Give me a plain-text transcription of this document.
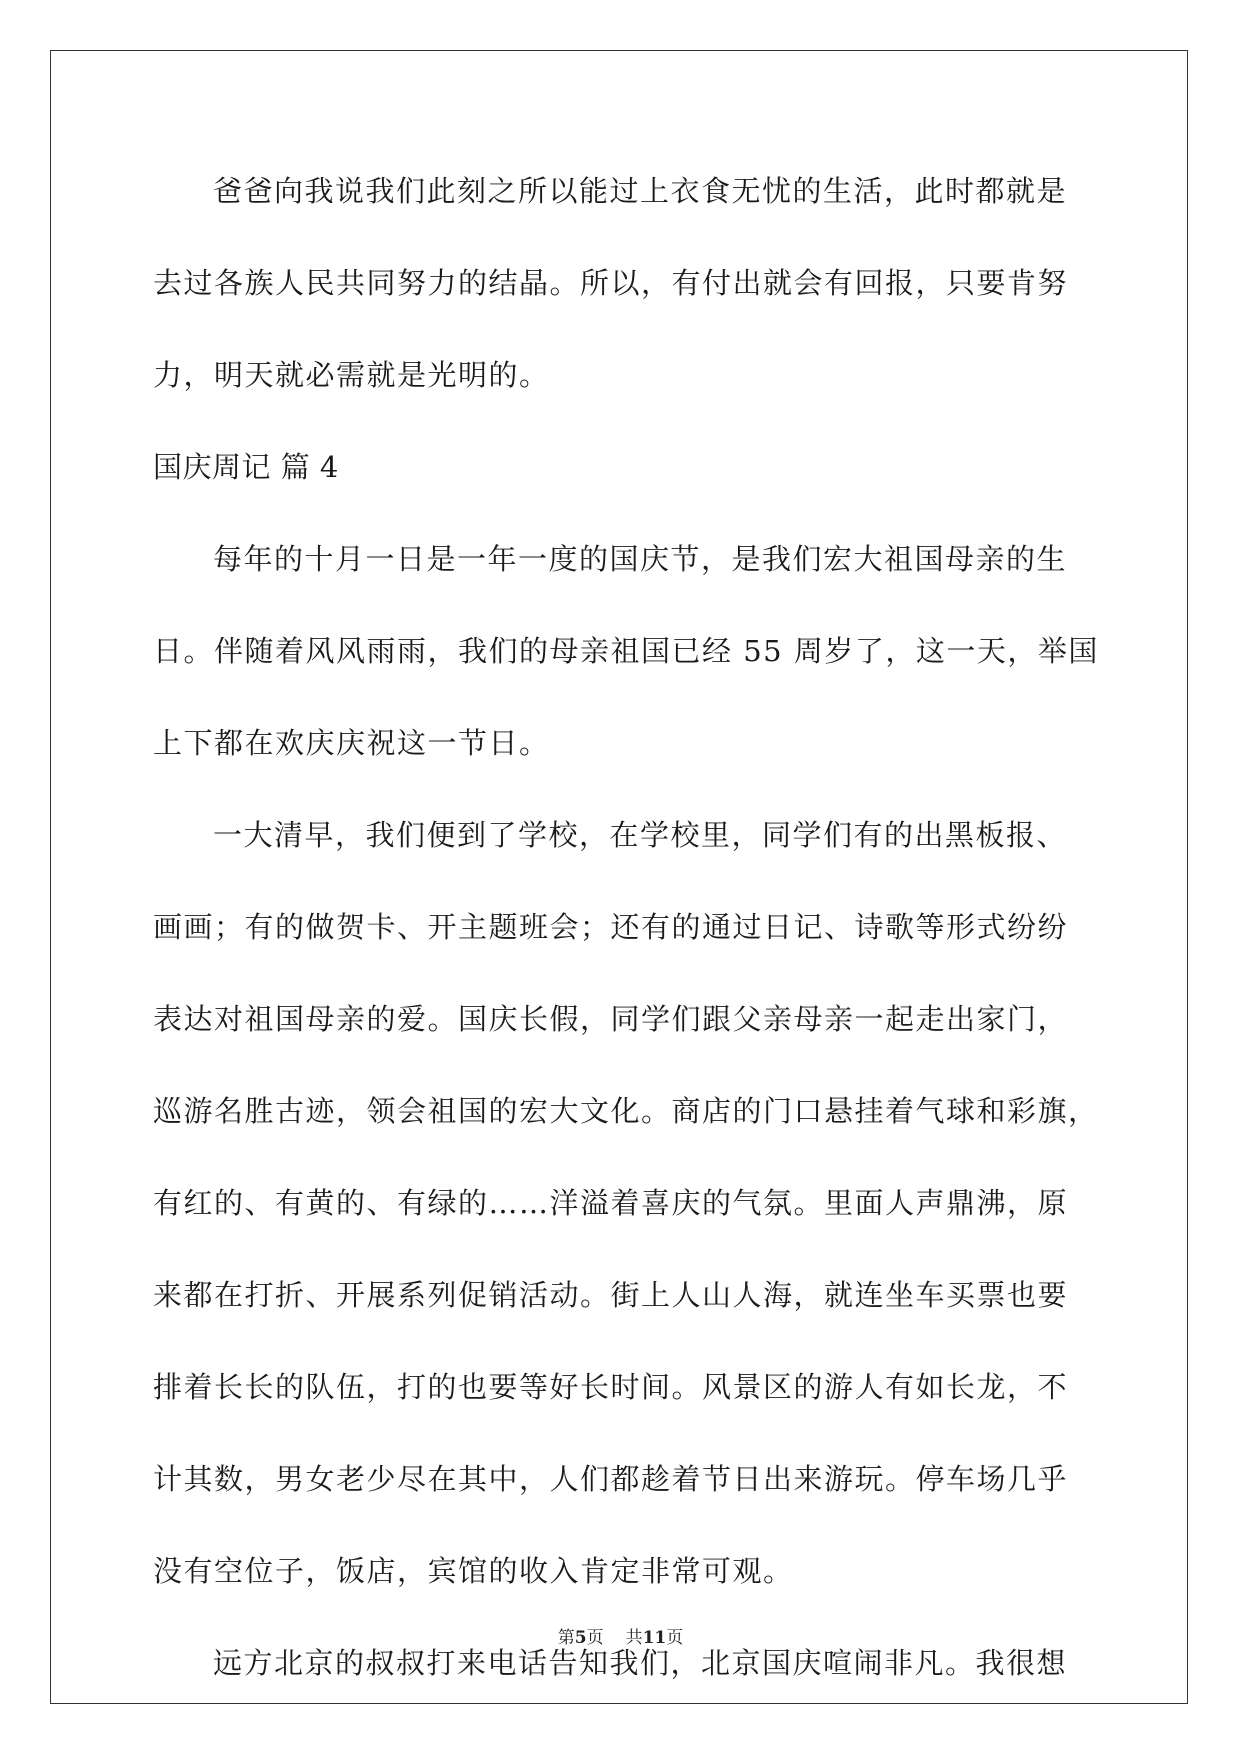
爸爸向我说我们此刻之所以能过上衣食无忧的生活，此时都就是
去过各族人民共同努力的结晶。所以，有付出就会有回报，只要肯努
力，明天就必需就是光明的。
国庆周记 篇 4
每年的十月一日是一年一度的国庆节，是我们宏大祖国母亲的生
日。伴随着风风雨雨，我们的母亲祖国已经 55 周岁了，这一天，举国
上下都在欢庆庆祝这一节日。
一大清早，我们便到了学校，在学校里，同学们有的出黑板报、
画画；有的做贺卡、开主题班会；还有的通过日记、诗歌等形式纷纷
表达对祖国母亲的爱。国庆长假，同学们跟父亲母亲一起走出家门，
巡游名胜古迹，领会祖国的宏大文化。商店的门口悬挂着气球和彩旗，
有红的、有黄的、有绿的……洋溢着喜庆的气氛。里面人声鼎沸，原
来都在打折、开展系列促销活动。街上人山人海，就连坐车买票也要
排着长长的队伍，打的也要等好长时间。风景区的游人有如长龙，不
计其数，男女老少尽在其中，人们都趁着节日出来游玩。停车场几乎
没有空位子，饭店，宾馆的收入肯定非常可观。
远方北京的叔叔打来电话告知我们，北京国庆喧闹非凡。我很想
第5页 共11页
